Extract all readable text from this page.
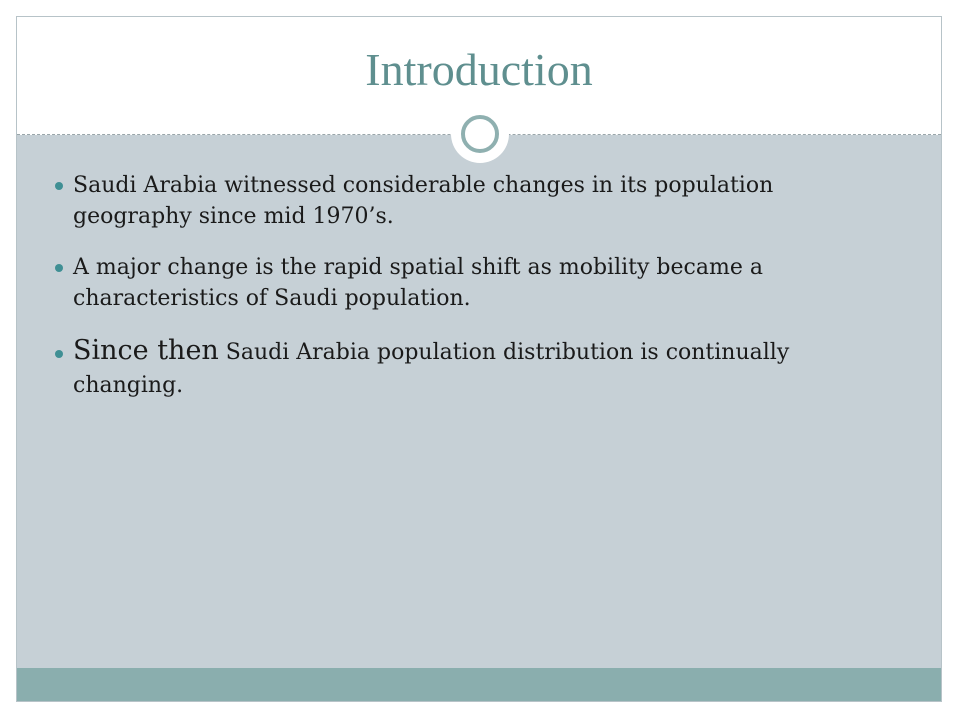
Introduction
Saudi Arabia witnessed considerable changes in its population geography since mid 1970’s.
A major change is the rapid spatial shift as mobility became a characteristics of Saudi population.
Since then Saudi Arabia population distribution is continually changing.
